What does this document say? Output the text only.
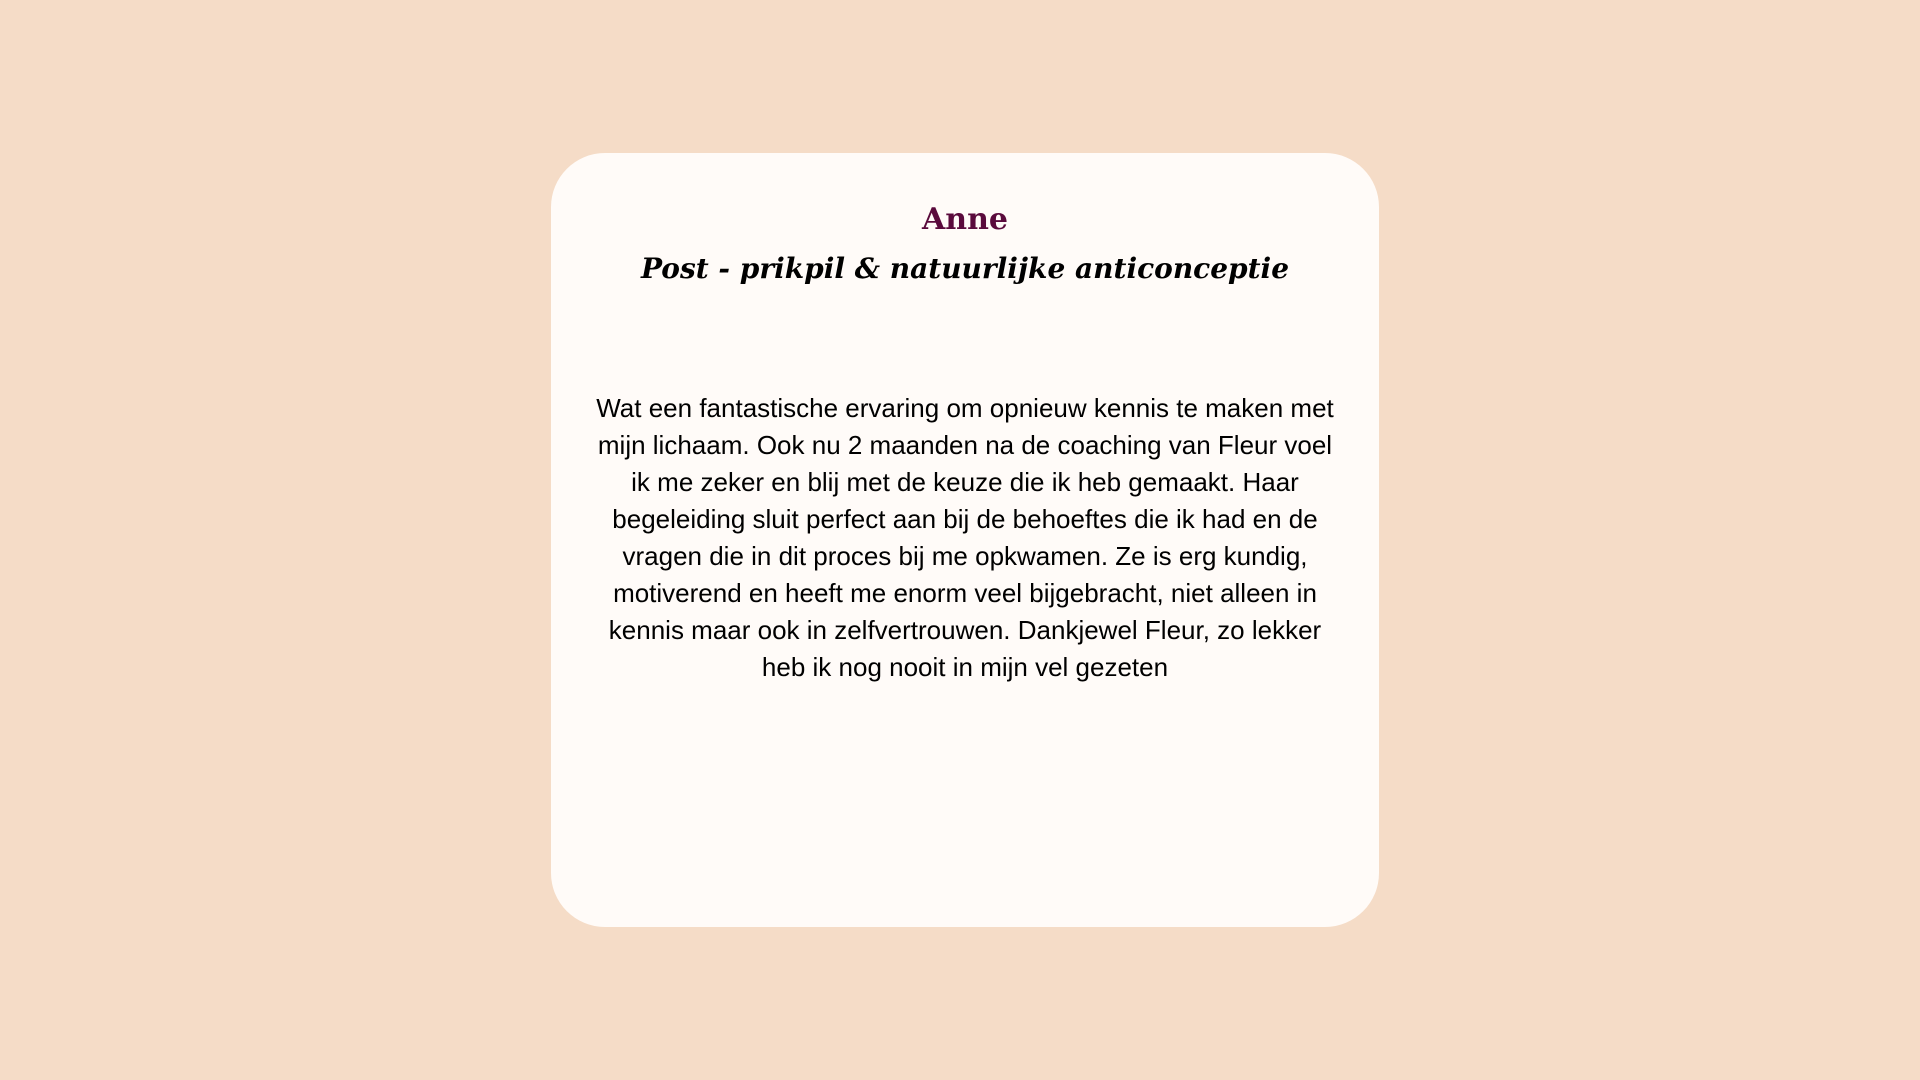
Anne
Post - prikpil & natuurlijke anticonceptie

Wat een fantastische ervaring om opnieuw kennis te maken met mijn lichaam. Ook nu 2 maanden na de coaching van Fleur voel ik me zeker en blij met de keuze die ik heb gemaakt. Haar begeleiding sluit perfect aan bij de behoeftes die ik had en de vragen die in dit proces bij me opkwamen. Ze is erg kundig, motiverend en heeft me enorm veel bijgebracht, niet alleen in kennis maar ook in zelfvertrouwen. Dankjewel Fleur, zo lekker heb ik nog nooit in mijn vel gezeten
